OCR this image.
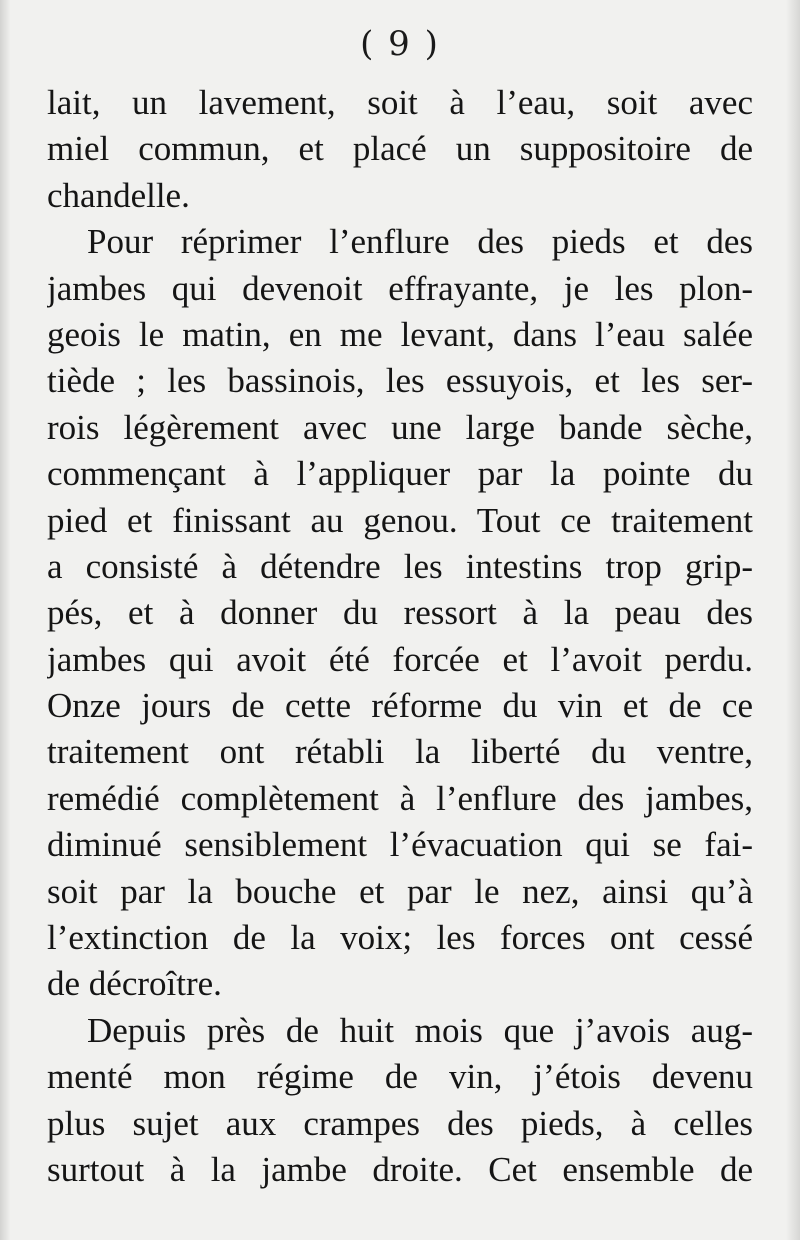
( 9 )
lait, un lavement, soit à l’eau, soit avec
miel commun, et placé un suppositoire de
chandelle.
Pour réprimer l’enflure des pieds et des
jambes qui devenoit effrayante, je les plon-
geois le matin, en me levant, dans l’eau salée
tiède ; les bassinois, les essuyois, et les ser-
rois légèrement avec une large bande sèche,
commençant à l’appliquer par la pointe du
pied et finissant au genou. Tout ce traitement
a consisté à détendre les intestins trop grip-
pés, et à donner du ressort à la peau des
jambes qui avoit été forcée et l’avoit perdu.
Onze jours de cette réforme du vin et de ce
traitement ont rétabli la liberté du ventre,
remédié complètement à l’enflure des jambes,
diminué sensiblement l’évacuation qui se fai-
soit par la bouche et par le nez, ainsi qu’à
l’extinction de la voix; les forces ont cessé
de décroître.
Depuis près de huit mois que j’avois aug-
menté mon régime de vin, j’étois devenu
plus sujet aux crampes des pieds, à celles
surtout à la jambe droite. Cet ensemble de
